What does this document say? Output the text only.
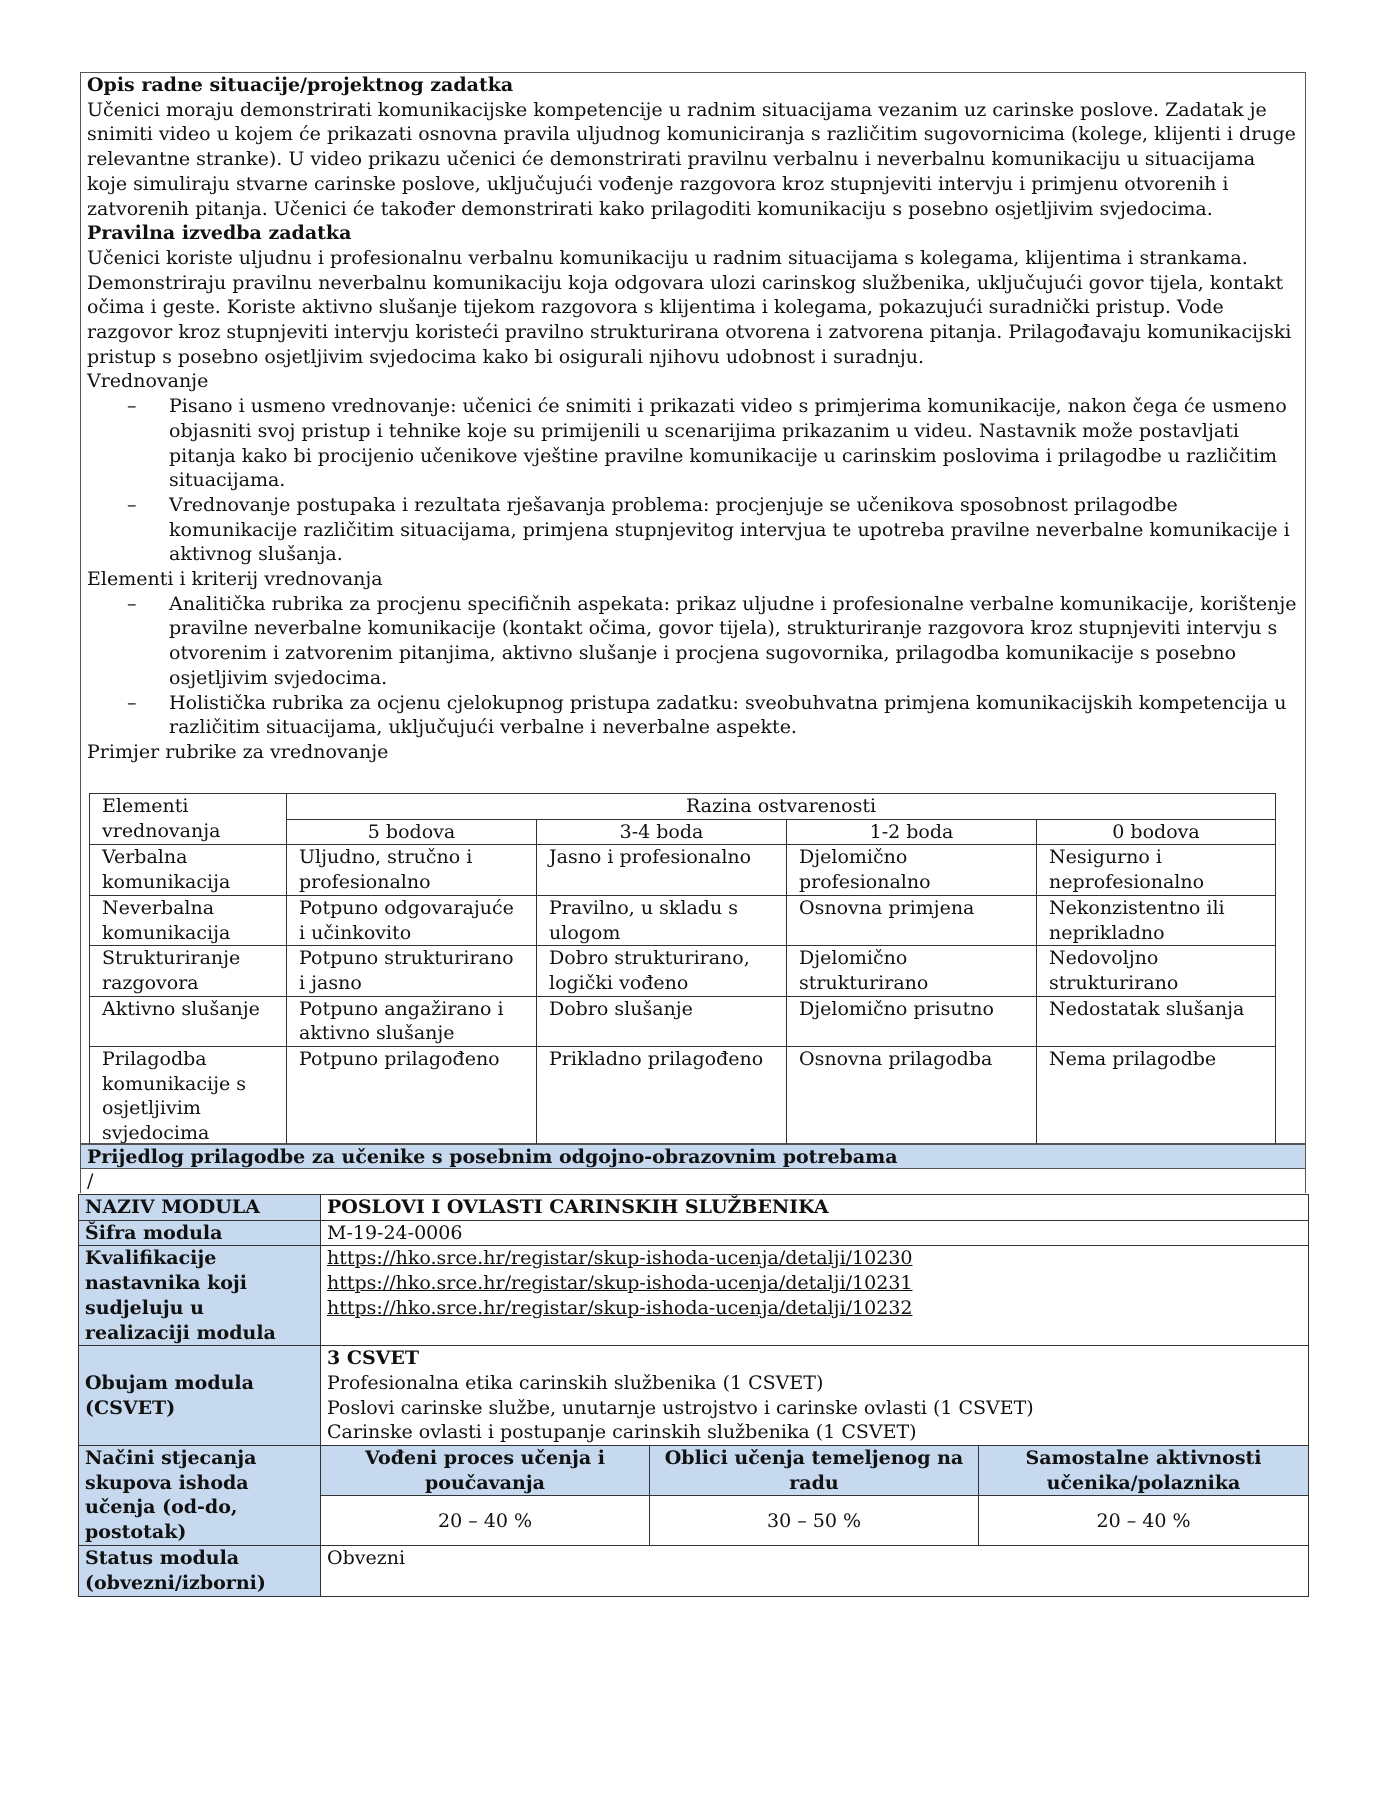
Opis radne situacije/projektnog zadatka

Učenici moraju demonstrirati komunikacijske kompetencije u radnim situacijama vezanim uz carinske poslove. Zadatak je snimiti video u kojem će prikazati osnovna pravila uljudnog komuniciranja s različitim sugovornicima (kolege, klijenti i druge relevantne stranke). U video prikazu učenici će demonstrirati pravilnu verbalnu i neverbalnu komunikaciju u situacijama koje simuliraju stvarne carinske poslove, uključujući vođenje razgovora kroz stupnjeviti intervju i primjenu otvorenih i zatvorenih pitanja. Učenici će također demonstrirati kako prilagoditi komunikaciju s posebno osjetljivim svjedocima.

Pravilna izvedba zadatka

Učenici koriste uljudnu i profesionalnu verbalnu komunikaciju u radnim situacijama s kolegama, klijentima i strankama. Demonstriraju pravilnu neverbalnu komunikaciju koja odgovara ulozi carinskog službenika, uključujući govor tijela, kontakt očima i geste. Koriste aktivno slušanje tijekom razgovora s klijentima i kolegama, pokazujući suradnički pristup. Vode razgovor kroz stupnjeviti intervju koristeći pravilno strukturirana otvorena i zatvorena pitanja. Prilagođavaju komunikacijski pristup s posebno osjetljivim svjedocima kako bi osigurali njihovu udobnost i suradnju.

Vrednovanje

– Pisano i usmeno vrednovanje: učenici će snimiti i prikazati video s primjerima komunikacije, nakon čega će usmeno objasniti svoj pristup i tehnike koje su primijenili u scenarijima prikazanim u videu. Nastavnik može postavljati pitanja kako bi procijenio učenikove vještine pravilne komunikacije u carinskim poslovima i prilagodbe u različitim situacijama.
– Vrednovanje postupaka i rezultata rješavanja problema: procjenjuje se učenikova sposobnost prilagodbe komunikacije različitim situacijama, primjena stupnjevitog intervjua te upotreba pravilne neverbalne komunikacije i aktivnog slušanja.

Elementi i kriterij vrednovanja

– Analitička rubrika za procjenu specifičnih aspekata: prikaz uljudne i profesionalne verbalne komunikacije, korištenje pravilne neverbalne komunikacije (kontakt očima, govor tijela), strukturiranje razgovora kroz stupnjeviti intervju s otvorenim i zatvorenim pitanjima, aktivno slušanje i procjena sugovornika, prilagodba komunikacije s posebno osjetljivim svjedocima.
– Holistička rubrika za ocjenu cjelokupnog pristupa zadatku: sveobuhvatna primjena komunikacijskih kompetencija u različitim situacijama, uključujući verbalne i neverbalne aspekte.

Primjer rubrike za vrednovanje

Elementi vrednovanja	Razina ostvarenosti			
	5 bodova	3-4 boda	1-2 boda	0 bodova
Verbalna komunikacija	Uljudno, stručno i profesionalno	Jasno i profesionalno	Djelomično profesionalno	Nesigurno i neprofesionalno
Neverbalna komunikacija	Potpuno odgovarajuće i učinkovito	Pravilno, u skladu s ulogom	Osnovna primjena	Nekonzistentno ili neprikladno
Strukturiranje razgovora	Potpuno strukturirano i jasno	Dobro strukturirano, logički vođeno	Djelomično strukturirano	Nedovoljno strukturirano
Aktivno slušanje	Potpuno angažirano i aktivno slušanje	Dobro slušanje	Djelomično prisutno	Nedostatak slušanja
Prilagodba komunikacije s osjetljivim svjedocima	Potpuno prilagođeno	Prikladno prilagođeno	Osnovna prilagodba	Nema prilagodbe
Prijedlog prilagodbe za učenike s posebnim odgojno-obrazovnim potrebama
/
NAZIV MODULA	POSLOVI I OVLASTI CARINSKIH SLUŽBENIKA		
Šifra modula	M-19-24-0006		
Kvalifikacije nastavnika koji sudjeluju u realizaciji modula	https://hko.srce.hr/registar/skup-ishoda-ucenja/detalji/10230
https://hko.srce.hr/registar/skup-ishoda-ucenja/detalji/10231
https://hko.srce.hr/registar/skup-ishoda-ucenja/detalji/10232		

Obujam modula (CSVET)	3 CSVET
Profesionalna etika carinskih službenika (1 CSVET)
Poslovi carinske službe, unutarnje ustrojstvo i carinske ovlasti (1 CSVET)
Carinske ovlasti i postupanje carinskih službenika (1 CSVET)		

Načini stjecanja skupova ishoda učenja (od-do, postotak)	Vođeni proces učenja i poučavanja	Oblici učenja temeljenog na radu	Samostalne aktivnosti učenika/polaznika
	20 – 40 %	30 – 50 %	20 – 40 %
Status modula (obvezni/izborni)	Obvezni		
